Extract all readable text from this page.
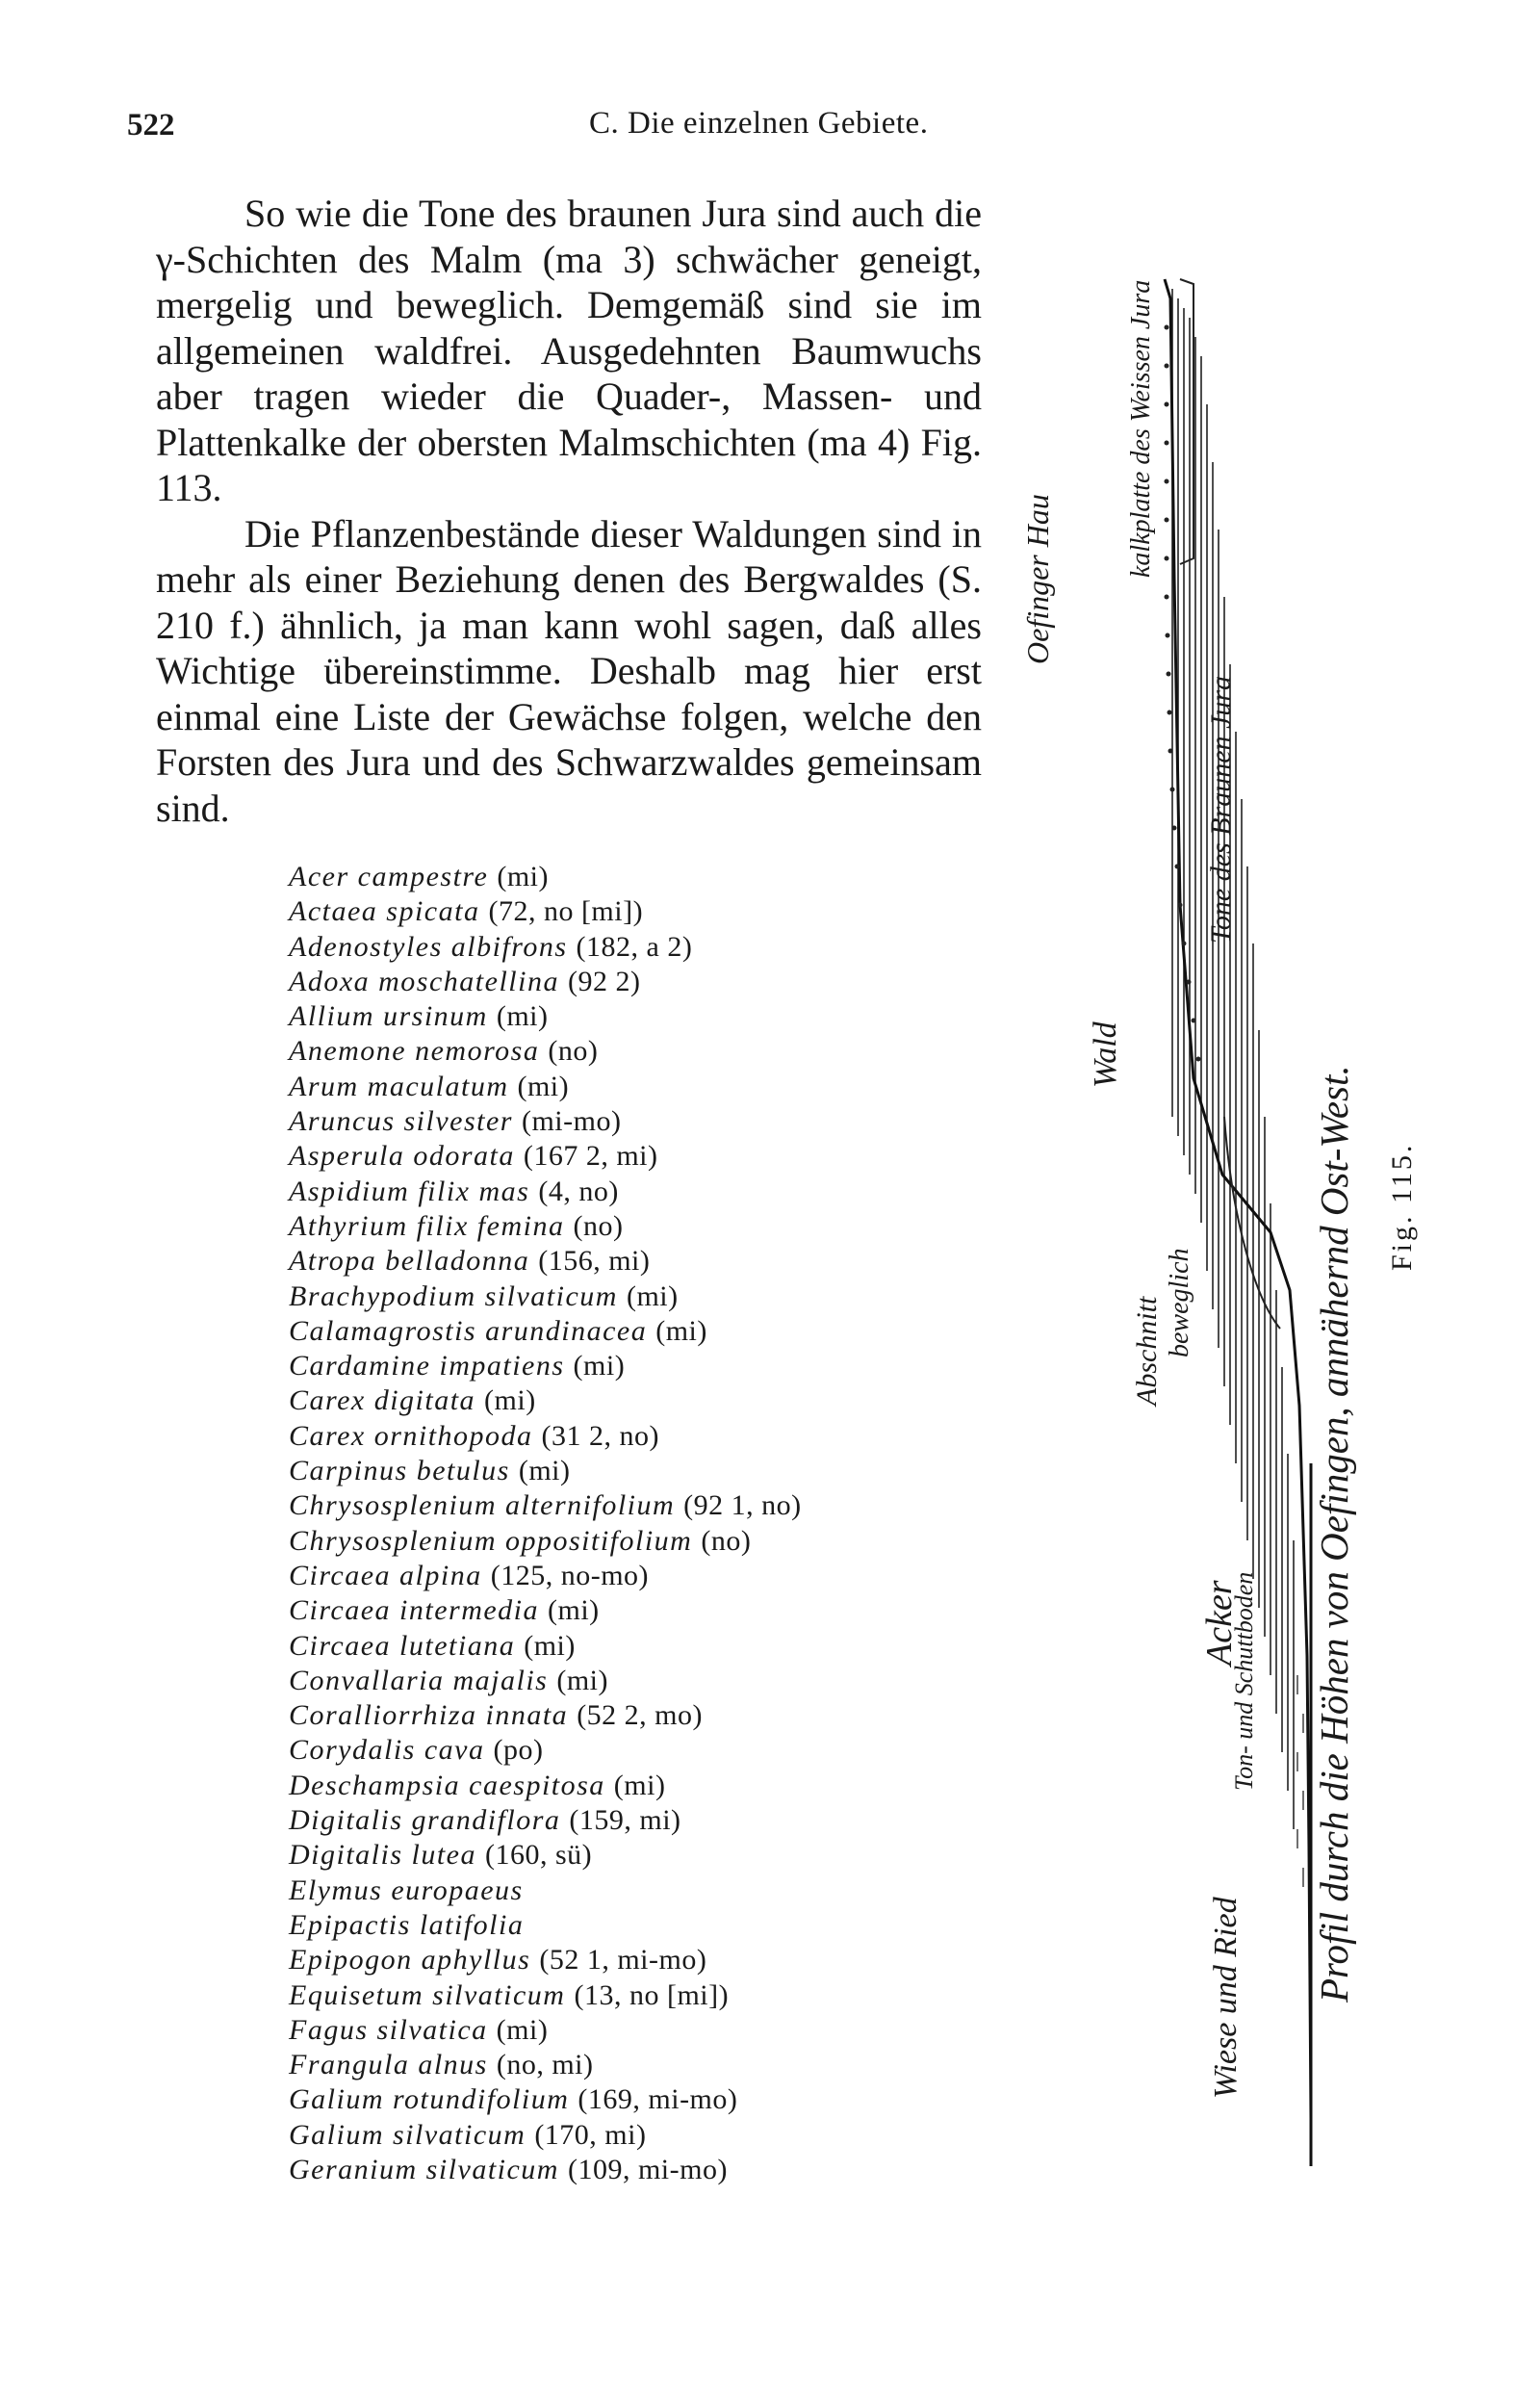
522	C. Die einzelnen Gebiete.

So wie die Tone des braunen Jura sind auch die γ-Schichten des Malm (ma 3) schwächer geneigt, mergelig und beweglich. Demgemäß sind sie im allgemeinen waldfrei. Ausgedehnten Baumwuchs aber tragen wieder die Quader-, Massen- und Plattenkalke der obersten Malmschichten (ma 4) Fig. 113.

Die Pflanzenbestände dieser Waldungen sind in mehr als einer Beziehung denen des Bergwaldes (S. 210 f.) ähnlich, ja man kann wohl sagen, daß alles Wichtige übereinstimme. Deshalb mag hier erst einmal eine Liste der Gewächse folgen, welche den Forsten des Jura und des Schwarzwaldes gemeinsam sind.

Acer campestre (mi)
Actaea spicata (72, no [mi])
Adenostyles albifrons (182, a 2)
Adoxa moschatellina (92 2)
Allium ursinum (mi)
Anemone nemorosa (no)
Arum maculatum (mi)
Aruncus silvester (mi-mo)
Asperula odorata (167 2, mi)
Aspidium filix mas (4, no)
Athyrium filix femina (no)
Atropa belladonna (156, mi)
Brachypodium silvaticum (mi)
Calamagrostis arundinacea (mi)
Cardamine impatiens (mi)
Carex digitata (mi)
Carex ornithopoda (31 2, no)
Carpinus betulus (mi)
Chrysosplenium alternifolium (92 1, no)
Chrysosplenium oppositifolium (no)
Circaea alpina (125, no-mo)
Circaea intermedia (mi)
Circaea lutetiana (mi)
Convallaria majalis (mi)
Coralliorrhiza innata (52 2, mo)
Corydalis cava (po)
Deschampsia caespitosa (mi)
Digitalis grandiflora (159, mi)
Digitalis lutea (160, sü)
Elymus europaeus
Epipactis latifolia
Epipogon aphyllus (52 1, mi-mo)
Equisetum silvaticum (13, no [mi])
Fagus silvatica (mi)
Frangula alnus (no, mi)
Galium rotundifolium (169, mi-mo)
Galium silvaticum (170, mi)
Geranium silvaticum (109, mi-mo)
Oefinger Hau
kalkplatte des Weissen Jura
Tone des Braunen Jura
Wald
Abschnitt beweglich
Acker
Ton- und Schuttboden
Wiese und Ried Profil durch die Höhen von Oefingen, annähernd Ost-West. Fig. 115.
